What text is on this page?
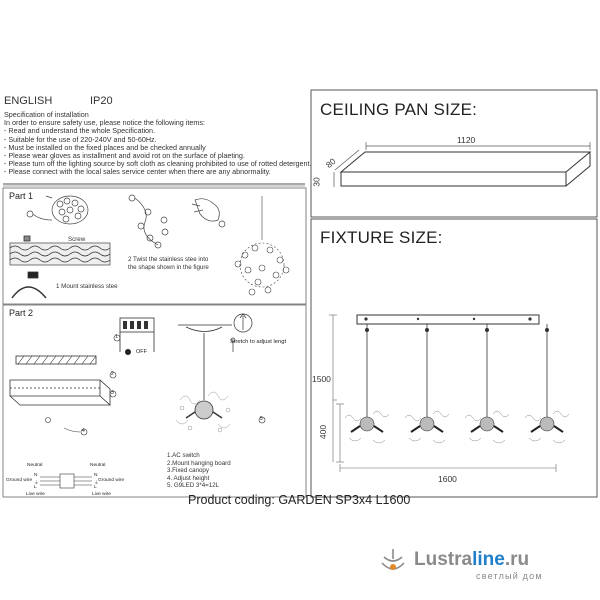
ENGLISH	IP20
Specification of installation
In order to ensure safety use, please notice the following items:
- Read and understand the whole Specification.
- Suitable for the use of 220-240V and 50-60Hz.
- Must be installed on the fixed places and be checked annually
- Please wear gloves as installment and avoid rot on the surface of plaeting.
- Please turn off the lighting source by soft cloth as cleaning prohibited to use of rotted detergent.
- Please connect with the local sales service center when there are any abnormality.
Part 1
Screw
2 Twist the stainless stee into
the shape shown in the figure
1 Mount stainless stee
Part 2
OFF
Stretch to adjust lengt
2
3
4
1
5
Neutral	Neutral
Ground wire	Ground wire
Live wire	Live wire
N
⏚
L
N
⏚
L
1.AC switch
2.Mount hanging board
3.Fixed canopy
4. Adjust height
5. G9LED 3*4=12L
CEILING PAN SIZE:
1120
80
30
FIXTURE SIZE:
1500
400
1600
Product coding: GARDEN SP3x4 L1600
Lustraline.ru
светлый дом
